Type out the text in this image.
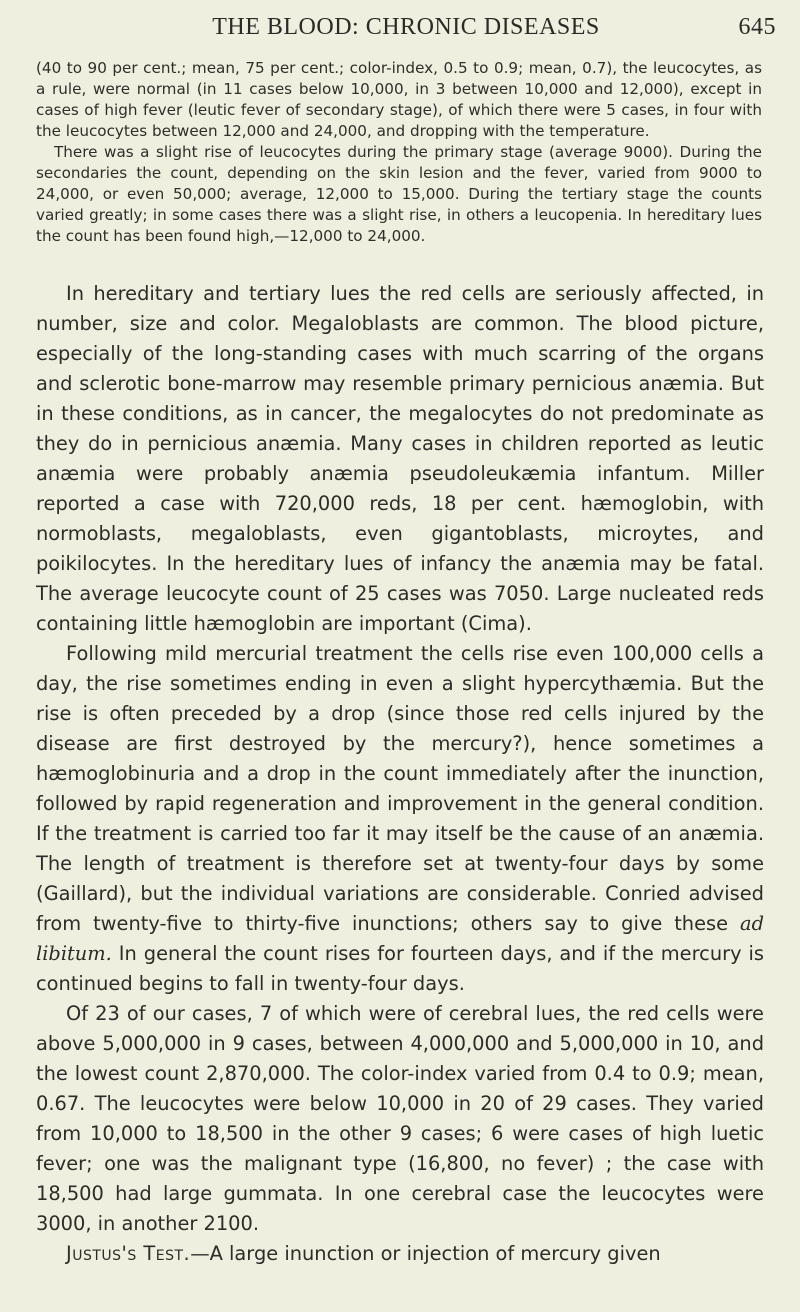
THE BLOOD: CHRONIC DISEASES	645

(40 to 90 per cent.; mean, 75 per cent.; color-index, 0.5 to 0.9; mean, 0.7), the leucocytes, as a rule, were normal (in 11 cases below 10,000, in 3 between 10,000 and 12,000), except in cases of high fever (leutic fever of secondary stage), of which there were 5 cases, in four with the leucocytes between 12,000 and 24,000, and dropping with the temperature.

There was a slight rise of leucocytes during the primary stage (average 9000). During the secondaries the count, depending on the skin lesion and the fever, varied from 9000 to 24,000, or even 50,000; average, 12,000 to 15,000. During the tertiary stage the counts varied greatly; in some cases there was a slight rise, in others a leucopenia. In hereditary lues the count has been found high,—12,000 to 24,000.

In hereditary and tertiary lues the red cells are seriously affected, in number, size and color. Megaloblasts are common. The blood picture, especially of the long-standing cases with much scarring of the organs and sclerotic bone-marrow may resemble primary pernicious anæmia. But in these conditions, as in cancer, the megalocytes do not predominate as they do in pernicious anæmia. Many cases in children reported as leutic anæmia were probably anæmia pseudoleukæmia infantum. Miller reported a case with 720,000 reds, 18 per cent. hæmoglobin, with normoblasts, megaloblasts, even gigantoblasts, microytes, and poikilocytes. In the hereditary lues of infancy the anæmia may be fatal. The average leucocyte count of 25 cases was 7050. Large nucleated reds containing little hæmoglobin are important (Cima).

Following mild mercurial treatment the cells rise even 100,000 cells a day, the rise sometimes ending in even a slight hypercythæmia. But the rise is often preceded by a drop (since those red cells injured by the disease are first destroyed by the mercury?), hence sometimes a hæmoglobinuria and a drop in the count immediately after the inunction, followed by rapid regeneration and improvement in the general condition. If the treatment is carried too far it may itself be the cause of an anæmia. The length of treatment is therefore set at twenty-four days by some (Gaillard), but the individual variations are considerable. Conried advised from twenty-five to thirty-five inunctions; others say to give these ad libitum. In general the count rises for fourteen days, and if the mercury is continued begins to fall in twenty-four days.

Of 23 of our cases, 7 of which were of cerebral lues, the red cells were above 5,000,000 in 9 cases, between 4,000,000 and 5,000,000 in 10, and the lowest count 2,870,000. The color-index varied from 0.4 to 0.9; mean, 0.67. The leucocytes were below 10,000 in 20 of 29 cases. They varied from 10,000 to 18,500 in the other 9 cases; 6 were cases of high luetic fever; one was the malignant type (16,800, no fever) ; the case with 18,500 had large gummata. In one cerebral case the leucocytes were 3000, in another 2100.

Justus's Test.—A large inunction or injection of mercury given
